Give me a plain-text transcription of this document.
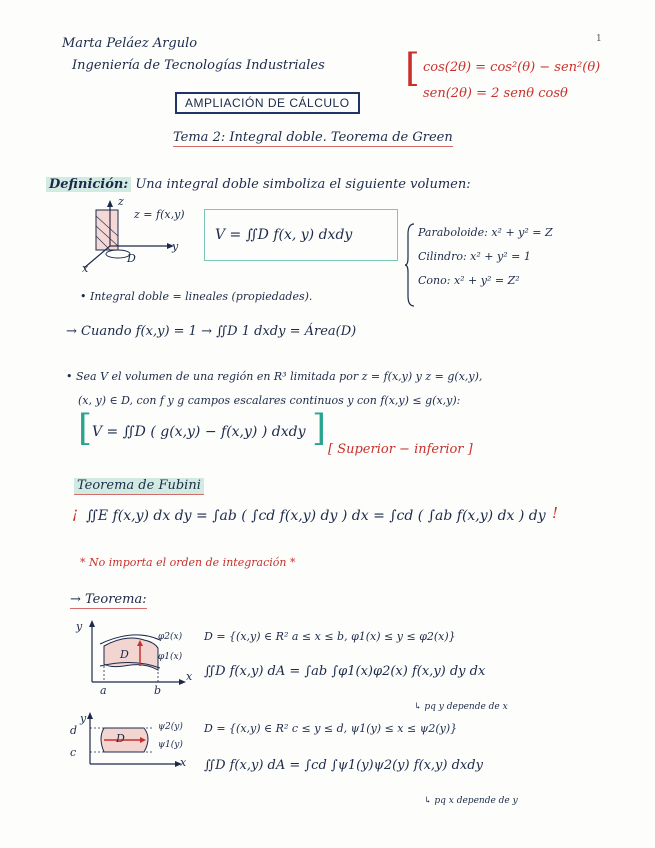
Marta Peláez Argulo
Ingeniería de Tecnologías Industriales
1
[ cos(2θ) = cos²(θ) − sen²(θ)
sen(2θ) = 2 senθ cosθ
AMPLIACIÓN DE CÁLCULO
Tema 2: Integral doble. Teorema de Green
Definición: Una integral doble simboliza el siguiente volumen:
z
z = f(x,y)
y
x
D
V = ∬D f(x, y) dxdy	Paraboloide: x² + y² = Z
Cilindro: x² + y² = 1
Cono: x² + y² = Z²
• Integral doble = lineales (propiedades).
→ Cuando f(x,y) = 1 → ∬D 1 dxdy = Área(D)
• Sea V el volumen de una región en R³ limitada por z = f(x,y) y z = g(x,y),
(x, y) ∈ D, con f y g campos escalares continuos y con f(x,y) ≤ g(x,y):
[ V = ∬D ( g(x,y) − f(x,y) ) dxdy ]
[ Superior − inferior ]
Teorema de Fubini
¡ ∬E f(x,y) dx dy = ∫ab ( ∫cd f(x,y) dy ) dx = ∫cd ( ∫ab f(x,y) dx ) dy !
* No importa el orden de integración *
→ Teorema:
y
φ2(x)
φ1(x)
D
a	b
x
D = {(x,y) ∈ R² a ≤ x ≤ b, φ1(x) ≤ y ≤ φ2(x)}
∬D f(x,y) dA = ∫ab ∫φ1(x)φ2(x) f(x,y) dy dx
↳ pq y depende de x
y
d
c
ψ2(y)
ψ1(y)
D
x
D = {(x,y) ∈ R² c ≤ y ≤ d, ψ1(y) ≤ x ≤ ψ2(y)}
∬D f(x,y) dA = ∫cd ∫ψ1(y)ψ2(y) f(x,y) dxdy
↳ pq x depende de y
